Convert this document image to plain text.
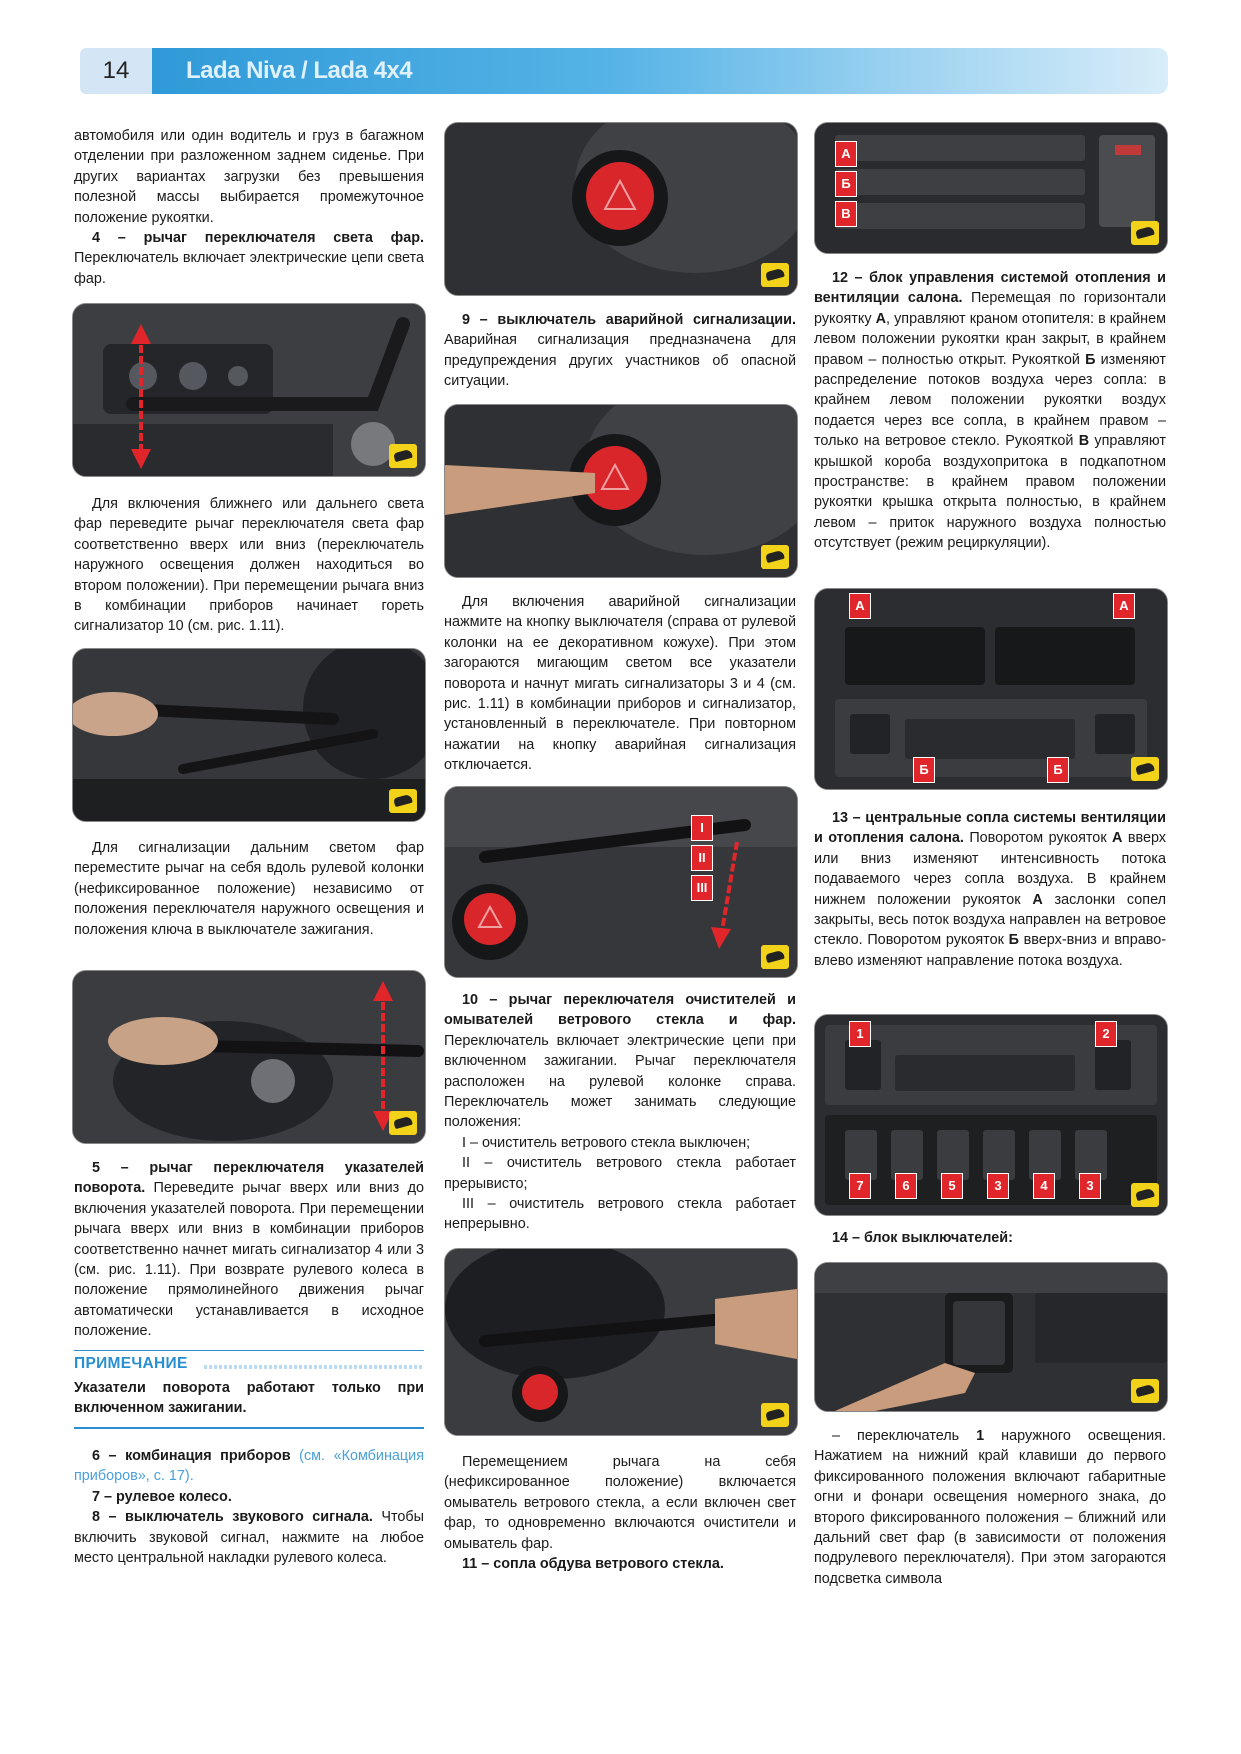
14	Lada Niva / Lada 4x4

автомобиля или один водитель и груз в багажном отделении при разложенном заднем сиденье. При других вариантах загрузки без превышения полезной массы выбирается промежуточное положение рукоятки.

4 – рычаг переключателя света фар. Переключатель включает электрические цепи света фар.

Для включения ближнего или дальнего света фар переведите рычаг переключателя света фар соответственно вверх или вниз (переключатель наружного освещения должен находиться во втором положении). При перемещении рычага вниз в комбинации приборов начинает гореть сигнализатор 10 (см. рис. 1.11).

Для сигнализации дальним светом фар переместите рычаг на себя вдоль рулевой колонки (нефиксированное положение) независимо от положения переключателя наружного освещения и положения ключа в выключателе зажигания.

5 – рычаг переключателя указателей поворота. Переведите рычаг вверх или вниз до включения указателей поворота. При перемещении рычага вверх или вниз в комбинации приборов соответственно начнет мигать сигнализатор 4 или 3 (см. рис. 1.11). При возврате рулевого колеса в положение прямолинейного движения рычаг автоматически устанавливается в исходное положение.

ПРИМЕЧАНИЕ
Указатели поворота работают только при включенном зажигании.

6 – комбинация приборов (см. «Комбинация приборов», с. 17).

7 – рулевое колесо.

8 – выключатель звукового сигнала. Чтобы включить звуковой сигнал, нажмите на любое место центральной накладки рулевого колеса.

9 – выключатель аварийной сигнализации. Аварийная сигнализация предназначена для предупреждения других участников об опасной ситуации.

Для включения аварийной сигнализации нажмите на кнопку выключателя (справа от рулевой колонки на ее декоративном кожухе). При этом загораются мигающим светом все указатели поворота и начнут мигать сигнализаторы 3 и 4 (см. рис. 1.11) в комбинации приборов и сигнализатор, установленный в переключателе. При повторном нажатии на кнопку аварийная сигнализация отключается.

I
II
III

10 – рычаг переключателя очистителей и омывателей ветрового стекла и фар. Переключатель включает электрические цепи при включенном зажигании. Рычаг переключателя расположен на рулевой колонке справа. Переключатель может занимать следующие положения:

I – очиститель ветрового стекла выключен;

II – очиститель ветрового стекла работает прерывисто;

III – очиститель ветрового стекла работает непрерывно.

Перемещением рычага на себя (нефиксированное положение) включается омыватель ветрового стекла, а если включен свет фар, то одновременно включаются очистители и омыватель фар.

11 – сопла обдува ветрового стекла.

А
Б
В

12 – блок управления системой отопления и вентиляции салона. Перемещая по горизонтали рукоятку А, управляют краном отопителя: в крайнем левом положении рукоятки кран закрыт, в крайнем правом – полностью открыт. Рукояткой Б изменяют распределение потоков воздуха через сопла: в крайнем левом положении рукоятки воздух подается через все сопла, в крайнем правом – только на ветровое стекло. Рукояткой В управляют крышкой короба воздухопритока в подкапотном пространстве: в крайнем правом положении рукоятки крышка открыта полностью, в крайнем левом – приток наружного воздуха полностью отсутствует (режим рециркуляции).

А	А
Б	Б

13 – центральные сопла системы вентиляции и отопления салона. Поворотом рукояток А вверх или вниз изменяют интенсивность потока подаваемого через сопла воздуха. В крайнем нижнем положении рукояток А заслонки сопел закрыты, весь поток воздуха направлен на ветровое стекло. Поворотом рукояток Б вверх-вниз и вправо-влево изменяют направление потока воздуха.

1	2
7	6	5	3	4	3

14 – блок выключателей:

– переключатель 1 наружного освещения. Нажатием на нижний край клавиши до первого фиксированного положения включают габаритные огни и фонари освещения номерного знака, до второго фиксированного положения – ближний или дальний свет фар (в зависимости от положения подрулевого переключателя). При этом загораются подсветка символа
